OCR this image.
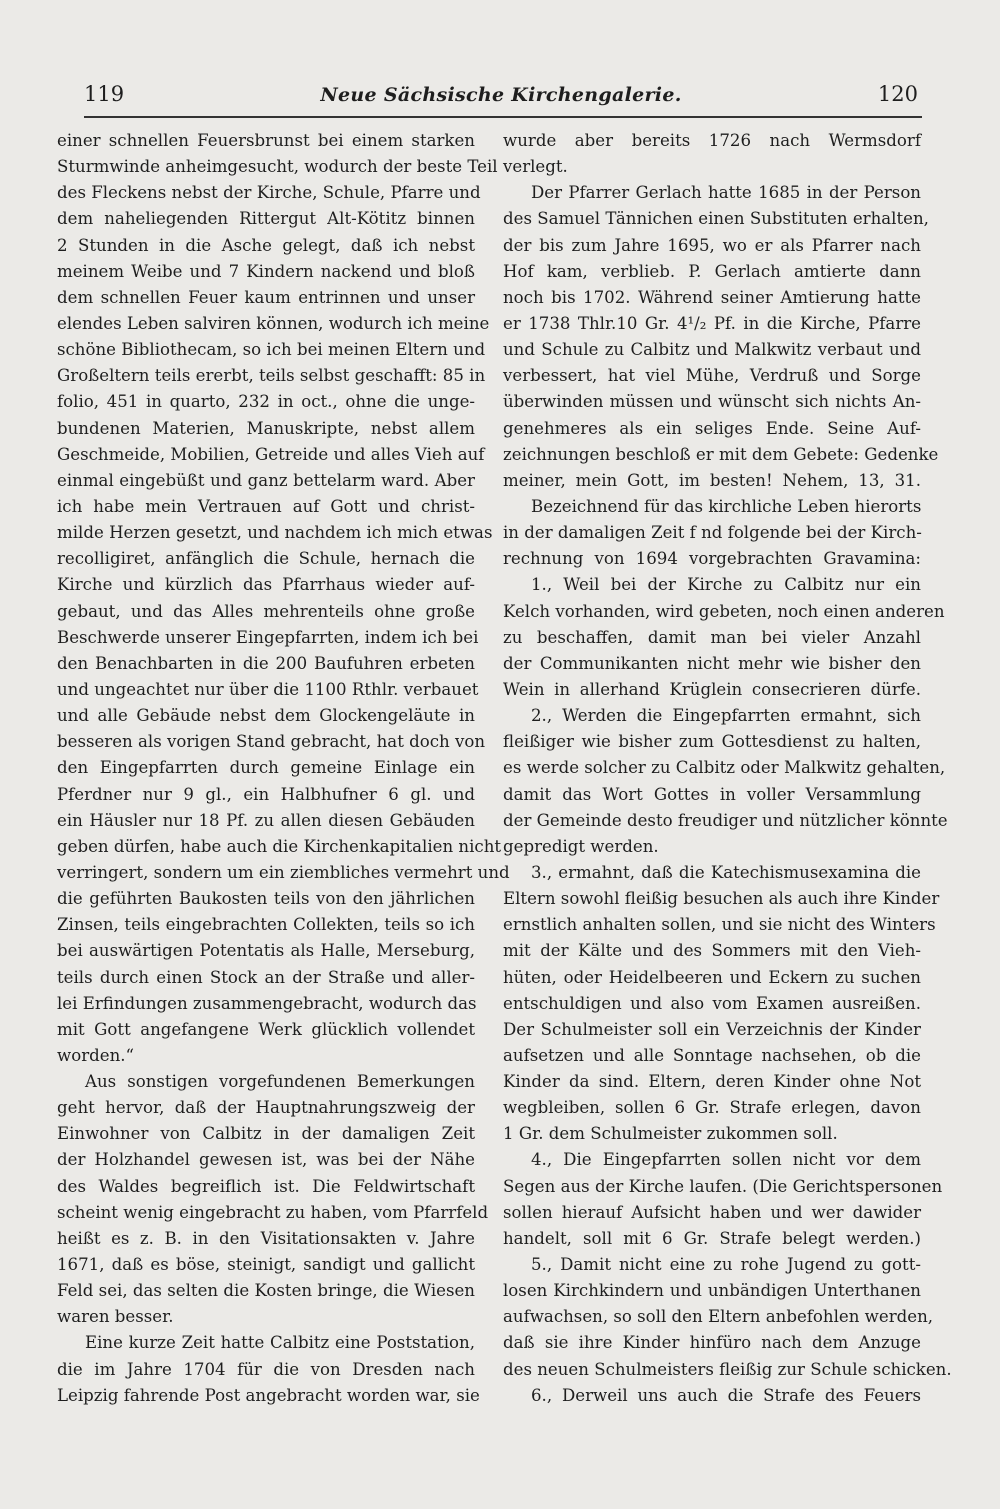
119	Neue Sächsische Kirchengalerie.	120
einer schnellen Feuersbrunst bei einem starken
Sturmwinde anheimgesucht, wodurch der beste Teil
des Fleckens nebst der Kirche, Schule, Pfarre und
dem naheliegenden Rittergut Alt-Kötitz binnen
2 Stunden in die Asche gelegt, daß ich nebst
meinem Weibe und 7 Kindern nackend und bloß
dem schnellen Feuer kaum entrinnen und unser
elendes Leben salviren können, wodurch ich meine
schöne Bibliothecam, so ich bei meinen Eltern und
Großeltern teils ererbt, teils selbst geschafft: 85 in
folio, 451 in quarto, 232 in oct., ohne die unge-
bundenen Materien, Manuskripte, nebst allem
Geschmeide, Mobilien, Getreide und alles Vieh auf
einmal eingebüßt und ganz bettelarm ward. Aber
ich habe mein Vertrauen auf Gott und christ-
milde Herzen gesetzt, und nachdem ich mich etwas
recolligiret, anfänglich die Schule, hernach die
Kirche und kürzlich das Pfarrhaus wieder auf-
gebaut, und das Alles mehrenteils ohne große
Beschwerde unserer Eingepfarrten, indem ich bei
den Benachbarten in die 200 Baufuhren erbeten
und ungeachtet nur über die 1100 Rthlr. verbauet
und alle Gebäude nebst dem Glockengeläute in
besseren als vorigen Stand gebracht, hat doch von
den Eingepfarrten durch gemeine Einlage ein
Pferdner nur 9 gl., ein Halbhufner 6 gl. und
ein Häusler nur 18 Pf. zu allen diesen Gebäuden
geben dürfen, habe auch die Kirchenkapitalien nicht
verringert, sondern um ein ziembliches vermehrt und
die geführten Baukosten teils von den jährlichen
Zinsen, teils eingebrachten Collekten, teils so ich
bei auswärtigen Potentatis als Halle, Merseburg,
teils durch einen Stock an der Straße und aller-
lei Erfindungen zusammengebracht, wodurch das
mit Gott angefangene Werk glücklich vollendet
worden.“
Aus sonstigen vorgefundenen Bemerkungen
geht hervor, daß der Hauptnahrungszweig der
Einwohner von Calbitz in der damaligen Zeit
der Holzhandel gewesen ist, was bei der Nähe
des Waldes begreiflich ist. Die Feldwirtschaft
scheint wenig eingebracht zu haben, vom Pfarrfeld
heißt es z. B. in den Visitationsakten v. Jahre
1671, daß es böse, steinigt, sandigt und gallicht
Feld sei, das selten die Kosten bringe, die Wiesen
waren besser.
Eine kurze Zeit hatte Calbitz eine Poststation,
die im Jahre 1704 für die von Dresden nach
Leipzig fahrende Post angebracht worden war, sie
wurde aber bereits 1726 nach Wermsdorf
verlegt.
Der Pfarrer Gerlach hatte 1685 in der Person
des Samuel Tännichen einen Substituten erhalten,
der bis zum Jahre 1695, wo er als Pfarrer nach
Hof kam, verblieb. P. Gerlach amtierte dann
noch bis 1702. Während seiner Amtierung hatte
er 1738 Thlr.10 Gr. 4¹/₂ Pf. in die Kirche, Pfarre
und Schule zu Calbitz und Malkwitz verbaut und
verbessert, hat viel Mühe, Verdruß und Sorge
überwinden müssen und wünscht sich nichts An-
genehmeres als ein seliges Ende. Seine Auf-
zeichnungen beschloß er mit dem Gebete: Gedenke
meiner, mein Gott, im besten! Nehem, 13, 31.
Bezeichnend für das kirchliche Leben hierorts
in der damaligen Zeit f nd folgende bei der Kirch-
rechnung von 1694 vorgebrachten Gravamina:
1., Weil bei der Kirche zu Calbitz nur ein
Kelch vorhanden, wird gebeten, noch einen anderen
zu beschaffen, damit man bei vieler Anzahl
der Communikanten nicht mehr wie bisher den
Wein in allerhand Krüglein consecrieren dürfe.
2., Werden die Eingepfarrten ermahnt, sich
fleißiger wie bisher zum Gottesdienst zu halten,
es werde solcher zu Calbitz oder Malkwitz gehalten,
damit das Wort Gottes in voller Versammlung
der Gemeinde desto freudiger und nützlicher könnte
gepredigt werden.
3., ermahnt, daß die Katechismusexamina die
Eltern sowohl fleißig besuchen als auch ihre Kinder
ernstlich anhalten sollen, und sie nicht des Winters
mit der Kälte und des Sommers mit den Vieh-
hüten, oder Heidelbeeren und Eckern zu suchen
entschuldigen und also vom Examen ausreißen.
Der Schulmeister soll ein Verzeichnis der Kinder
aufsetzen und alle Sonntage nachsehen, ob die
Kinder da sind. Eltern, deren Kinder ohne Not
wegbleiben, sollen 6 Gr. Strafe erlegen, davon
1 Gr. dem Schulmeister zukommen soll.
4., Die Eingepfarrten sollen nicht vor dem
Segen aus der Kirche laufen. (Die Gerichtspersonen
sollen hierauf Aufsicht haben und wer dawider
handelt, soll mit 6 Gr. Strafe belegt werden.)
5., Damit nicht eine zu rohe Jugend zu gott-
losen Kirchkindern und unbändigen Unterthanen
aufwachsen, so soll den Eltern anbefohlen werden,
daß sie ihre Kinder hinfüro nach dem Anzuge
des neuen Schulmeisters fleißig zur Schule schicken.
6., Derweil uns auch die Strafe des Feuers
